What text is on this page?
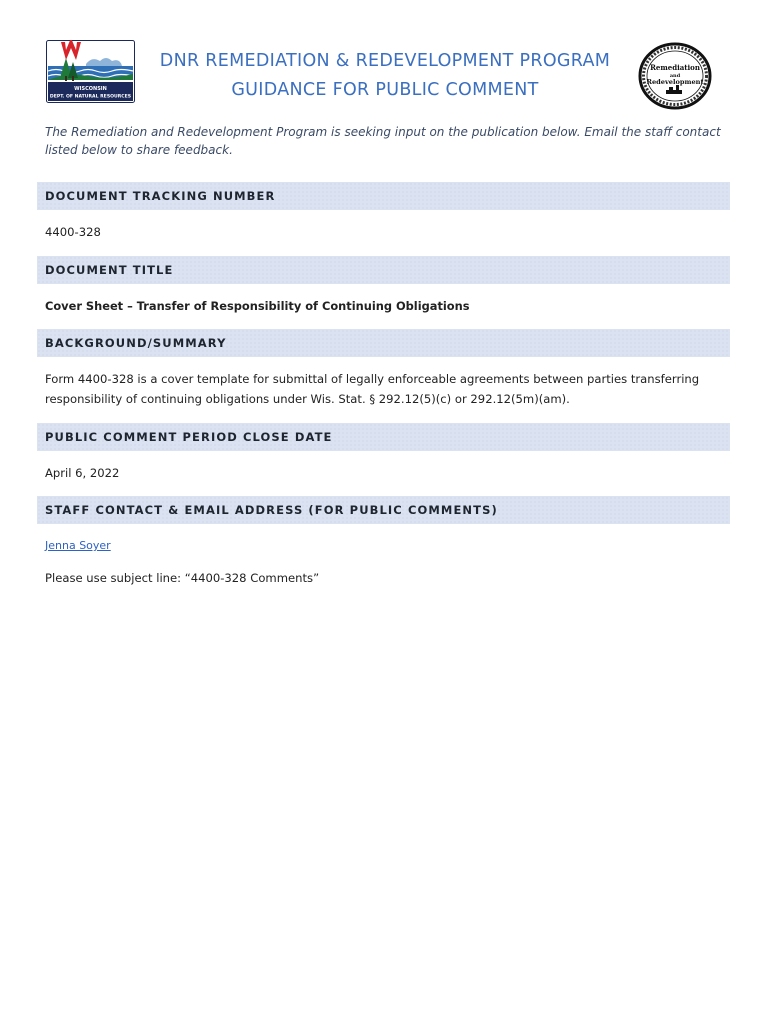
WISCONSIN
DEPT. OF NATURAL RESOURCES
DNR REMEDIATION & REDEVELOPMENT PROGRAM
GUIDANCE FOR PUBLIC COMMENT
Remediation
and
Redevelopment
The Remediation and Redevelopment Program is seeking input on the publication below. Email the staff contact listed below to share feedback.
DOCUMENT TRACKING NUMBER
4400-328
DOCUMENT TITLE
Cover Sheet – Transfer of Responsibility of Continuing Obligations
BACKGROUND/SUMMARY
Form 4400-328 is a cover template for submittal of legally enforceable agreements between parties transferring responsibility of continuing obligations under Wis. Stat. § 292.12(5)(c) or 292.12(5m)(am).
PUBLIC COMMENT PERIOD CLOSE DATE
April 6, 2022
STAFF CONTACT & EMAIL ADDRESS (FOR PUBLIC COMMENTS)
Jenna Soyer
Please use subject line: “4400-328 Comments”
